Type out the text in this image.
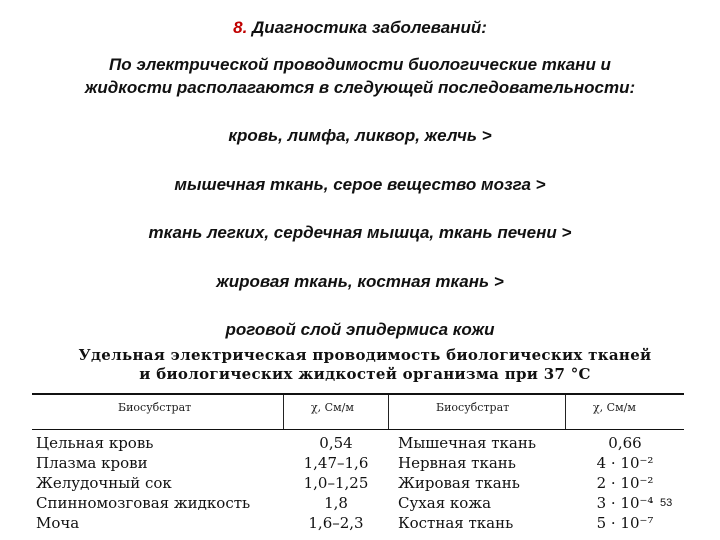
8. Диагностика заболеваний:
По электрической проводимости биологические ткани и
жидкости располагаются в следующей последовательности:
кровь, лимфа, ликвор, желчь >
мышечная ткань, серое вещество мозга >
ткань легких, сердечная мышца, ткань печени >
жировая ткань, костная ткань >
роговой слой эпидермиса кожи
Удельная электрическая проводимость биологических тканей
и биологических жидкостей организма при 37 °С
Биосубстрат	χ, См/м	Биосубстрат	χ, См/м
Цельная кровь	0,54	Мышечная ткань	0,66
Плазма крови	1,47–1,6	Нервная ткань	4 · 10⁻²
Желудочный сок	1,0–1,25	Жировая ткань	2 · 10⁻²
Спинномозговая жидкость	1,8	Сухая кожа	3 · 10⁻⁴
Моча	1,6–2,3	Костная ткань	5 · 10⁻⁷
53
